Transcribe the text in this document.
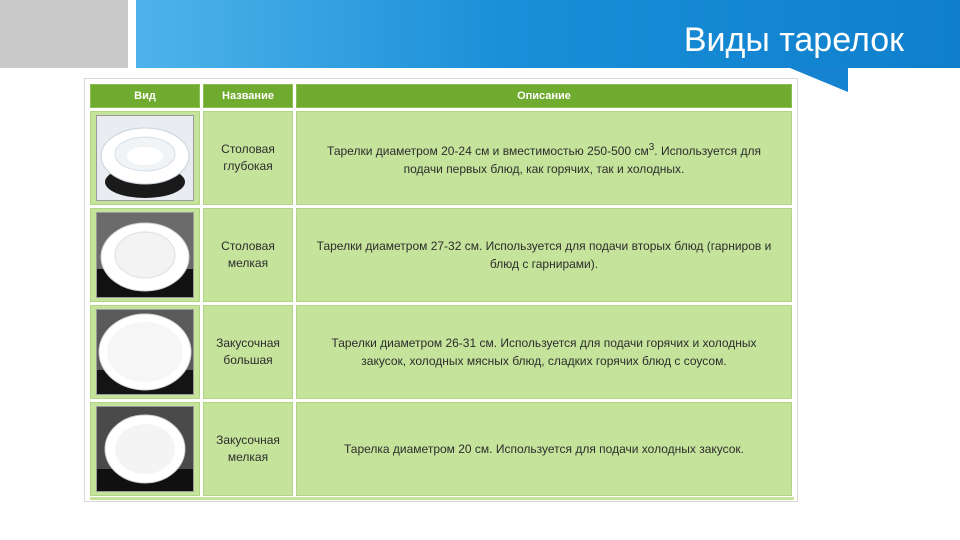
Виды тарелок
Вид	Название	Описание

	Столовая глубокая	Тарелки диаметром 20-24 см и вместимостью 250-500 $см^3$. Используется для подачи первых блюд, как горячих, так и холодных.

	Столовая мелкая	Тарелки диаметром 27-32 см. Используется для подачи вторых блюд (гарниров и блюд с гарнирами).

	Закусочная большая	Тарелки диаметром 26-31 см. Используется для подачи горячих и холодных закусок, холодных мясных блюд, сладких горячих блюд с соусом.

	Закусочная мелкая	Тарелка диаметром 20 см. Используется для подачи холодных закусок.
